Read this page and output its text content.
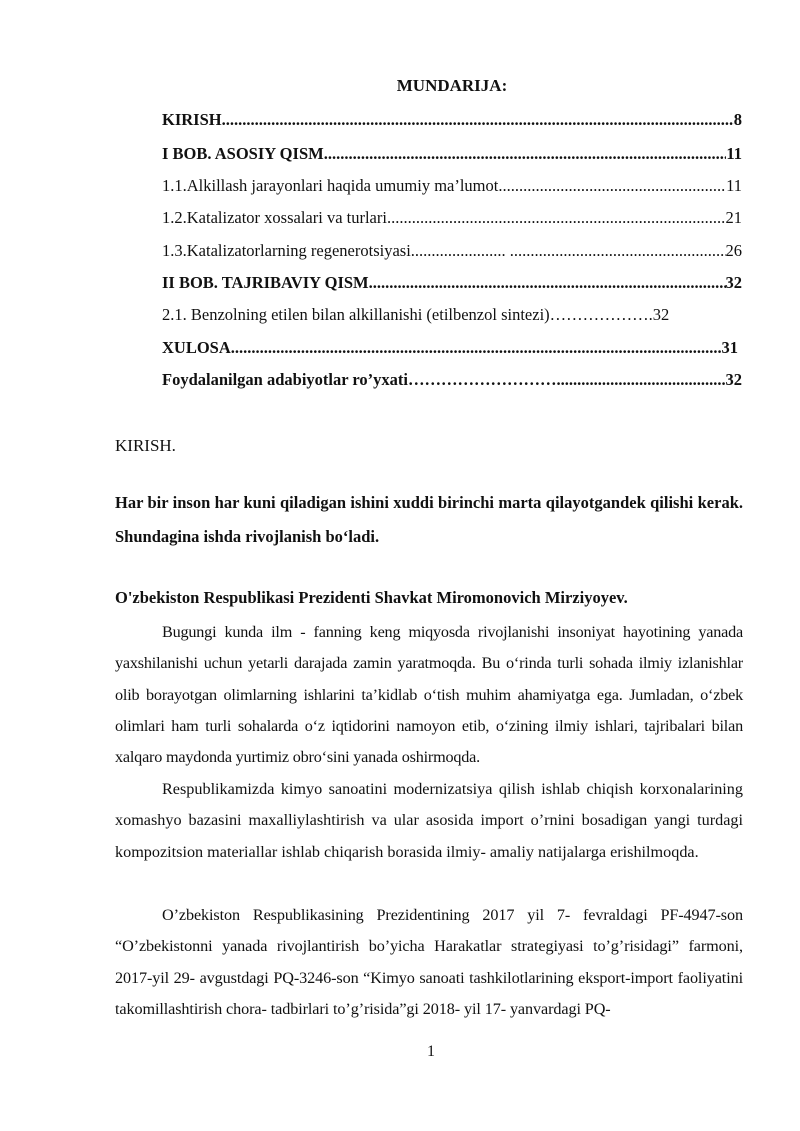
MUNDARIJA:
KIRISH .....	8
I BOB. ASOSIY QISM .....	11
1.1. Alkillash jarayonlari haqida umumiy ma’lumot .....	11
1.2. Katalizator xossalari va turlari .....	21
1.3. Katalizatorlarning regenerotsiyasi....................... .....	26
II BOB. TAJRIBAVIY QISM .....	32
2.1. Benzolning etilen bilan alkillanishi (etilbenzol sintezi)……………… .32
XULOSA .....	31
Foydalanilgan adabiyotlar ro’yxati……………………… .....	32
KIRISH.
Har bir inson har kuni qiladigan ishini xuddi birinchi marta qilayotgandek qilishi kerak. Shundagina ishda rivojlanish bo‘ladi.
O'zbekiston Respublikasi Prezidenti Shavkat Miromonovich Mirziyoyev.

Bugungi kunda ilm - fanning keng miqyosda rivojlanishi insoniyat hayotining yanada yaxshilanishi uchun yetarli darajada zamin yaratmoqda. Bu o‘rinda turli sohada ilmiy izlanishlar olib borayotgan olimlarning ishlarini ta’kidlab o‘tish muhim ahamiyatga ega. Jumladan, o‘zbek olimlari ham turli sohalarda o‘z iqtidorini namoyon etib, o‘zining ilmiy ishlari, tajribalari bilan xalqaro maydonda yurtimiz obro‘sini yanada oshirmoqda.

Respublikamizda kimyo sanoatini modernizatsiya qilish ishlab chiqish korxonalarining xomashyo bazasini maxalliylashtirish va ular asosida import o’rnini bosadigan yangi turdagi kompozitsion materiallar ishlab chiqarish borasida ilmiy- amaliy natijalarga erishilmoqda.

O’zbekiston Respublikasining Prezidentining 2017 yil 7- fevraldagi PF-4947-son “O’zbekistonni yanada rivojlantirish bo’yicha Harakatlar strategiyasi to’g’risidagi” farmoni, 2017-yil 29- avgustdagi PQ-3246-son “Kimyo sanoati tashkilotlarining eksport-import faoliyatini takomillashtirish chora- tadbirlari to’g’risida”gi 2018- yil 17- yanvardagi PQ-

1
